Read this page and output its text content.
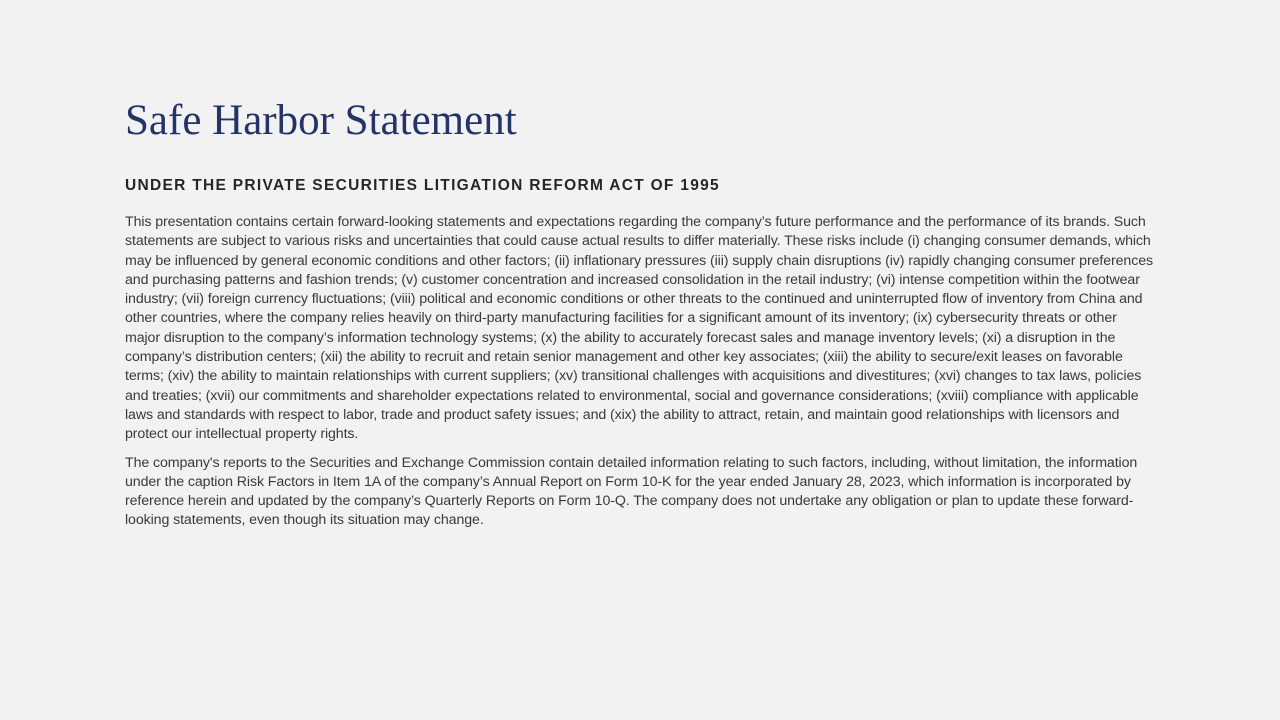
Safe Harbor Statement
UNDER THE PRIVATE SECURITIES LITIGATION REFORM ACT OF 1995

This presentation contains certain forward-looking statements and expectations regarding the company’s future performance and the performance of its brands. Such statements are subject to various risks and uncertainties that could cause actual results to differ materially. These risks include (i) changing consumer demands, which may be influenced by general economic conditions and other factors; (ii) inflationary pressures (iii) supply chain disruptions (iv) rapidly changing consumer preferences and purchasing patterns and fashion trends; (v) customer concentration and increased consolidation in the retail industry; (vi) intense competition within the footwear industry; (vii) foreign currency fluctuations; (viii) political and economic conditions or other threats to the continued and uninterrupted flow of inventory from China and other countries, where the company relies heavily on third-party manufacturing facilities for a significant amount of its inventory; (ix) cybersecurity threats or other major disruption to the company’s information technology systems; (x) the ability to accurately forecast sales and manage inventory levels; (xi) a disruption in the company’s distribution centers; (xii) the ability to recruit and retain senior management and other key associates; (xiii) the ability to secure/exit leases on favorable terms; (xiv) the ability to maintain relationships with current suppliers; (xv) transitional challenges with acquisitions and divestitures; (xvi) changes to tax laws, policies and treaties; (xvii) our commitments and shareholder expectations related to environmental, social and governance considerations; (xviii) compliance with applicable laws and standards with respect to labor, trade and product safety issues; and (xix) the ability to attract, retain, and maintain good relationships with licensors and protect our intellectual property rights.

The company's reports to the Securities and Exchange Commission contain detailed information relating to such factors, including, without limitation, the information under the caption Risk Factors in Item 1A of the company’s Annual Report on Form 10-K for the year ended January 28, 2023, which information is incorporated by reference herein and updated by the company’s Quarterly Reports on Form 10-Q. The company does not undertake any obligation or plan to update these forward-looking statements, even though its situation may change.
